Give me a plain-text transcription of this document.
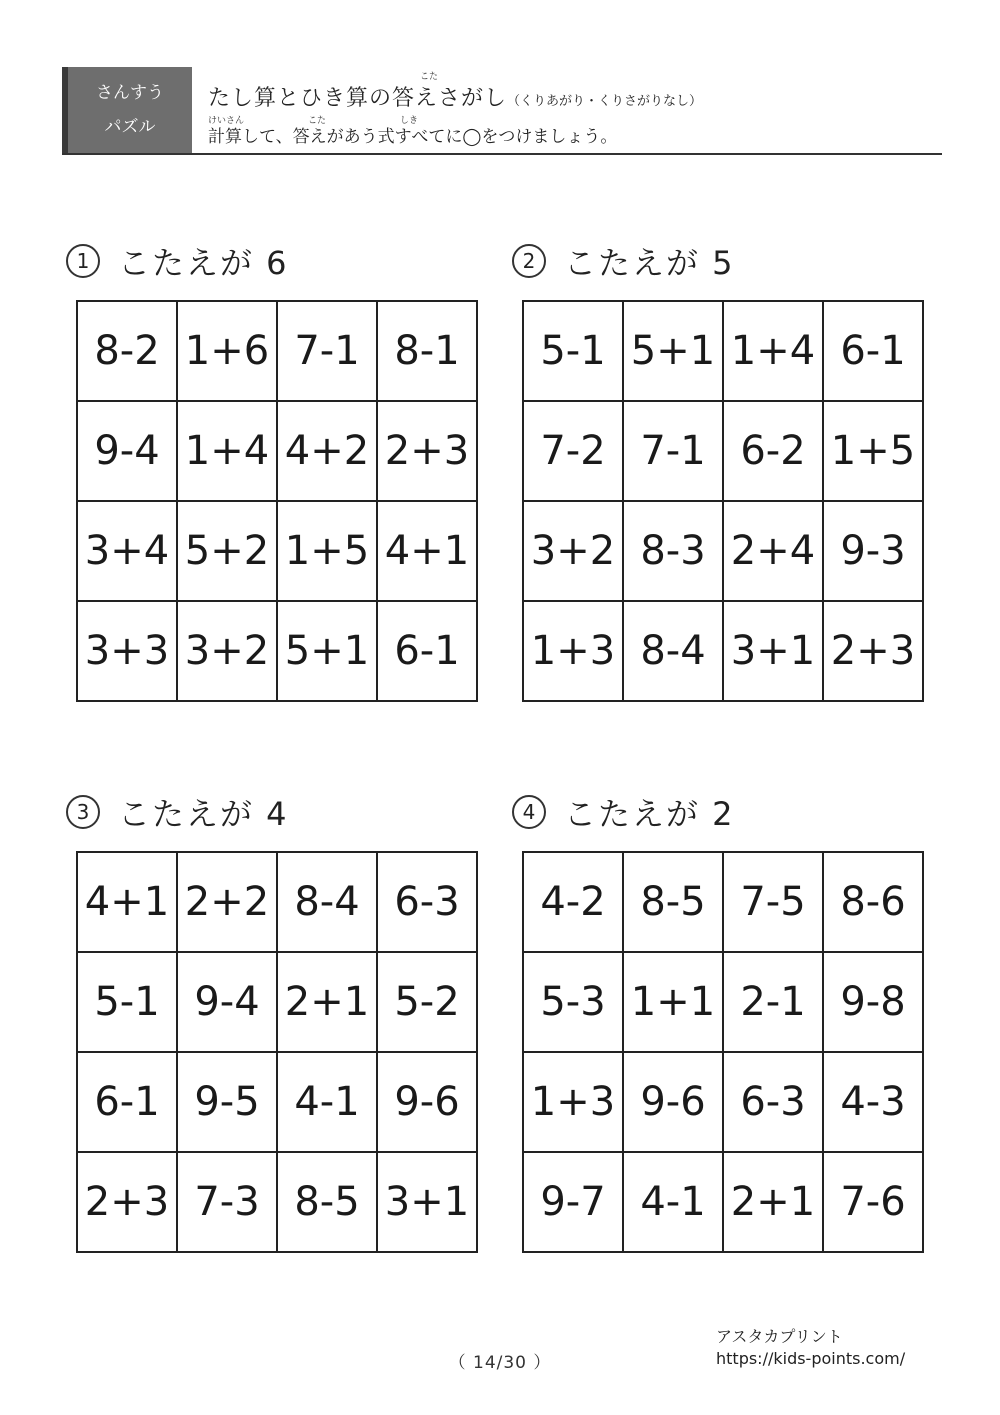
さんすう
パズル
こた
たし算とひき算の答えさがし（くりあがり・くりさがりなし）
けいさん	こた	しき
計算して、答えがあう式すべてに◯をつけましょう。
1 こたえが 6
8-2 1+6 7-1 8-1
9-4 1+4 4+2 2+3
3+4 5+2 1+5 4+1
3+3 3+2 5+1 6-1
2 こたえが 5
5-1 5+1 1+4 6-1
7-2 7-1 6-2 1+5
3+2 8-3 2+4 9-3
1+3 8-4 3+1 2+3
3 こたえが 4
4+1 2+2 8-4 6-3
5-1 9-4 2+1 5-2
6-1 9-5 4-1 9-6
2+3 7-3 8-5 3+1
4 こたえが 2
4-2 8-5 7-5 8-6
5-3 1+1 2-1 9-8
1+3 9-6 6-3 4-3
9-7 4-1 2+1 7-6
（ 14/30 ）
アスタカプリント
https://kids-points.com/
